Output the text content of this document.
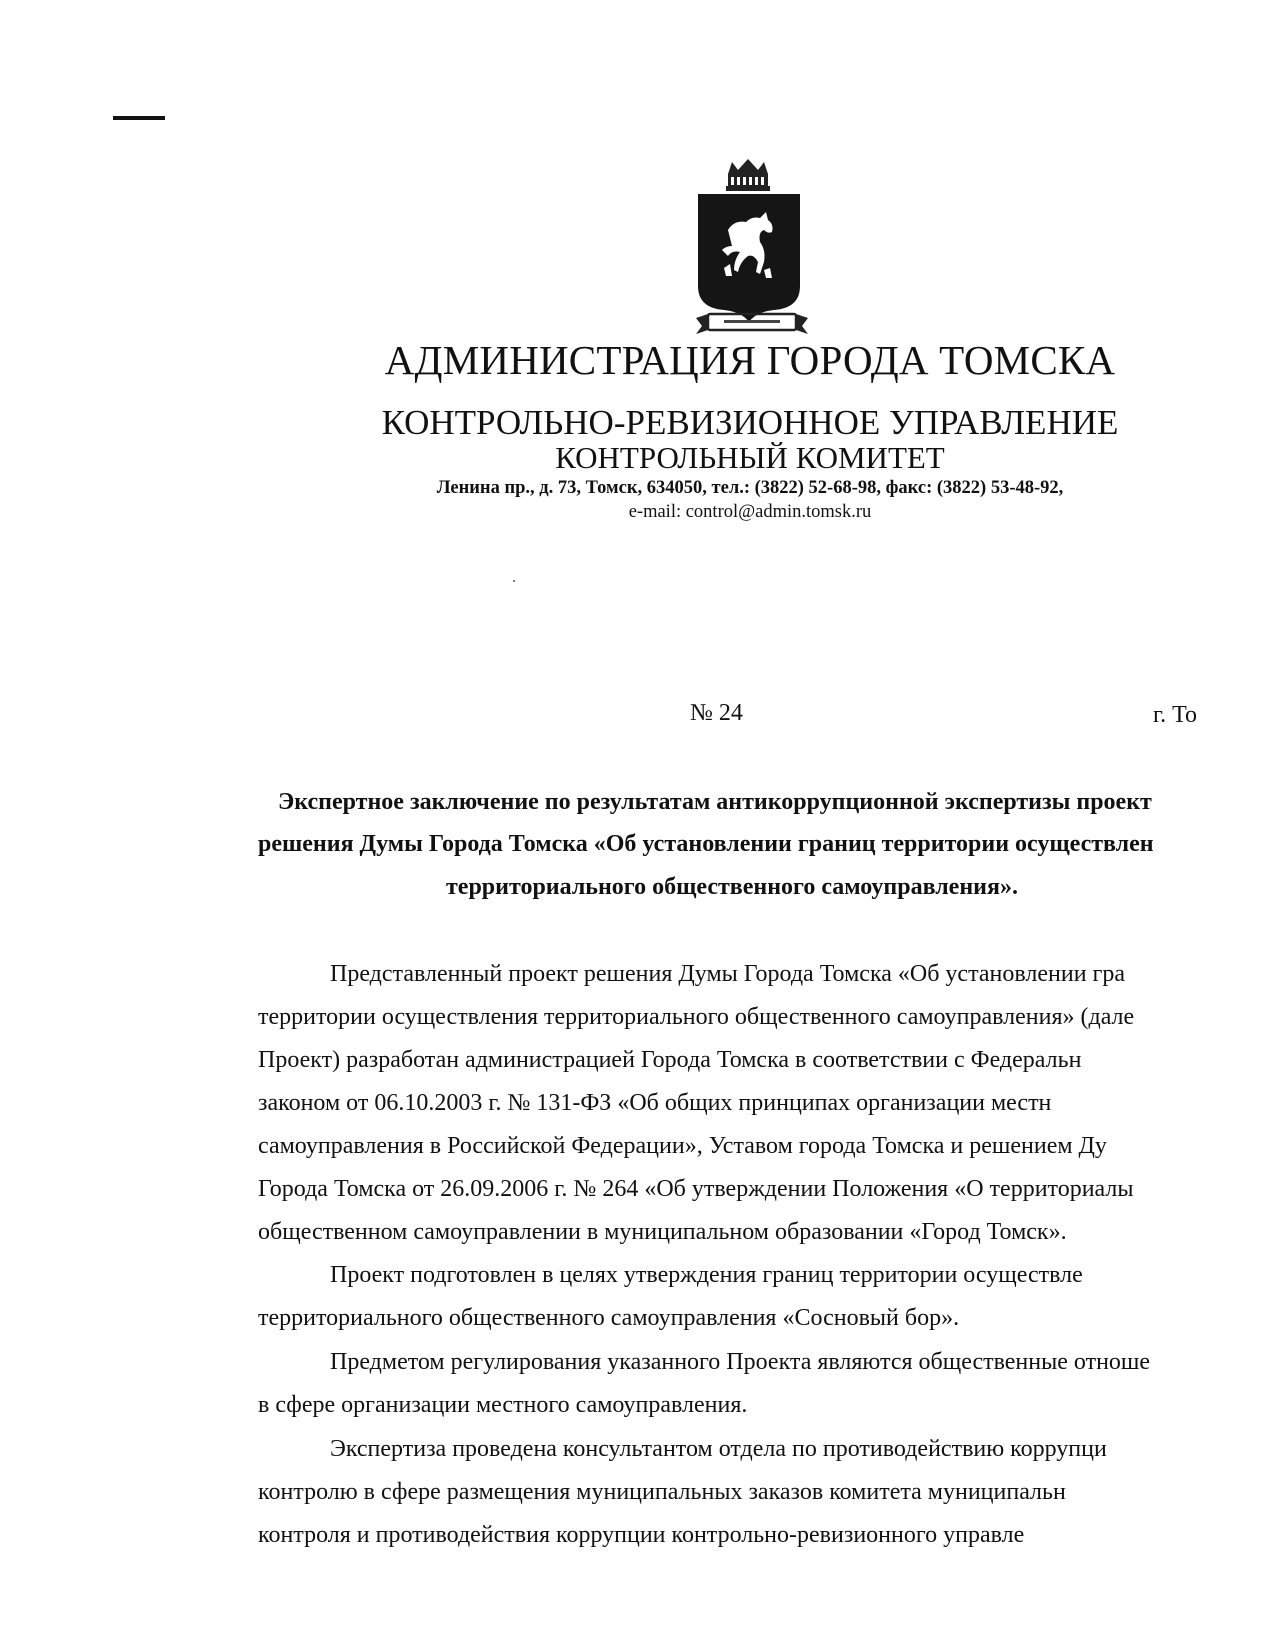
АДМИНИСТРАЦИЯ ГОРОДА ТОМСКА
КОНТРОЛЬНО-РЕВИЗИОННОЕ УПРАВЛЕНИЕ
КОНТРОЛЬНЫЙ КОМИТЕТ
Ленина пр., д. 73, Томск, 634050, тел.: (3822) 52-68-98, факс: (3822) 53-48-92,
e-mail: control@admin.tomsk.ru
№ 24	г. То

Экспертное заключение по результатам антикоррупционной экспертизы проект

решения Думы Города Томска «Об установлении границ территории осуществлен

территориального общественного самоуправления».

Представленный проект решения Думы Города Томска «Об установлении гра

территории осуществления территориального общественного самоуправления» (дале

Проект) разработан администрацией Города Томска в соответствии с Федеральн

законом от 06.10.2003 г. № 131-ФЗ «Об общих принципах организации местн

самоуправления в Российской Федерации», Уставом города Томска и решением Ду

Города Томска от 26.09.2006 г. № 264 «Об утверждении Положения «О территориалы

общественном самоуправлении в муниципальном образовании «Город Томск».

Проект подготовлен в целях утверждения границ территории осуществле

территориального общественного самоуправления «Сосновый бор».

Предметом регулирования указанного Проекта являются общественные отноше

в сфере организации местного самоуправления.

Экспертиза проведена консультантом отдела по противодействию коррупци

контролю в сфере размещения муниципальных заказов комитета муниципальн

контроля и противодействия коррупции контрольно-ревизионного управле
